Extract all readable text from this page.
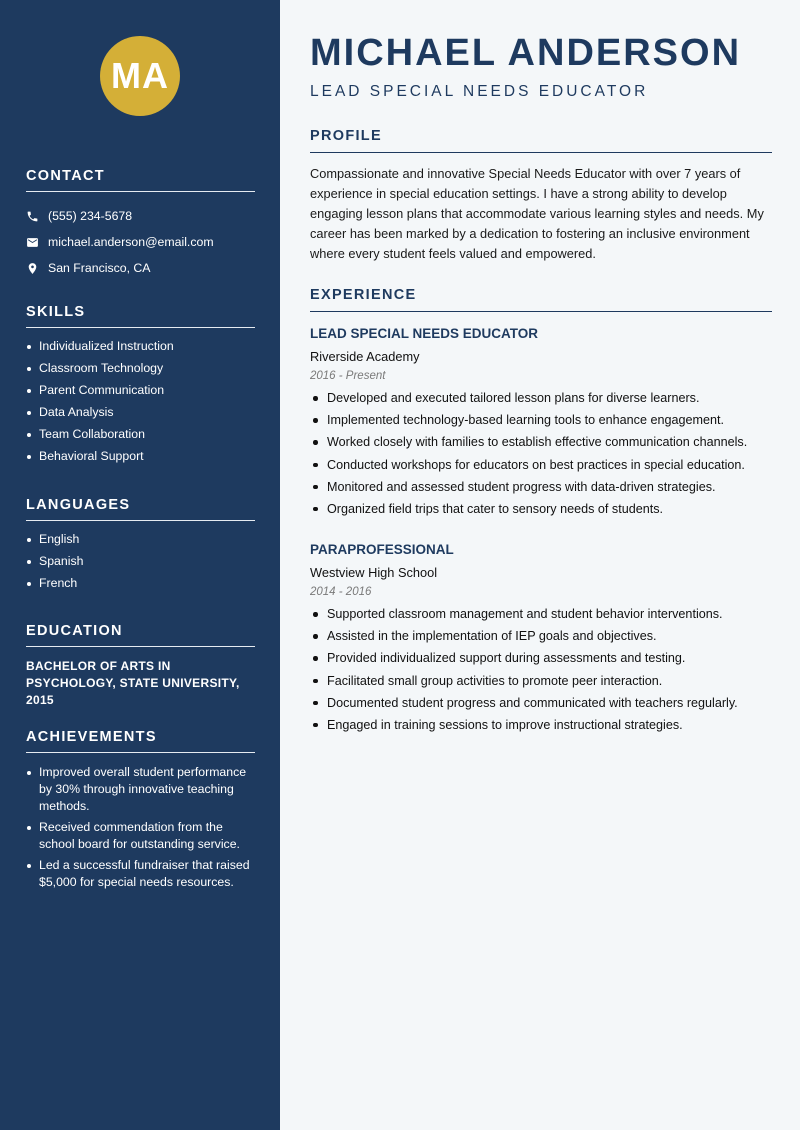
MA
CONTACT
(555) 234-5678
michael.anderson@email.com
San Francisco, CA
SKILLS
Individualized Instruction
Classroom Technology
Parent Communication
Data Analysis
Team Collaboration
Behavioral Support
LANGUAGES
English
Spanish
French
EDUCATION
BACHELOR OF ARTS IN PSYCHOLOGY, STATE UNIVERSITY, 2015
ACHIEVEMENTS
Improved overall student performance by 30% through innovative teaching methods.
Received commendation from the school board for outstanding service.
Led a successful fundraiser that raised $5,000 for special needs resources.
MICHAEL ANDERSON
LEAD SPECIAL NEEDS EDUCATOR
PROFILE

Compassionate and innovative Special Needs Educator with over 7 years of experience in special education settings. I have a strong ability to develop engaging lesson plans that accommodate various learning styles and needs. My career has been marked by a dedication to fostering an inclusive environment where every student feels valued and empowered.

EXPERIENCE
LEAD SPECIAL NEEDS EDUCATOR
Riverside Academy
2016 - Present
Developed and executed tailored lesson plans for diverse learners.
Implemented technology-based learning tools to enhance engagement.
Worked closely with families to establish effective communication channels.
Conducted workshops for educators on best practices in special education.
Monitored and assessed student progress with data-driven strategies.
Organized field trips that cater to sensory needs of students.
PARAPROFESSIONAL
Westview High School
2014 - 2016
Supported classroom management and student behavior interventions.
Assisted in the implementation of IEP goals and objectives.
Provided individualized support during assessments and testing.
Facilitated small group activities to promote peer interaction.
Documented student progress and communicated with teachers regularly.
Engaged in training sessions to improve instructional strategies.
